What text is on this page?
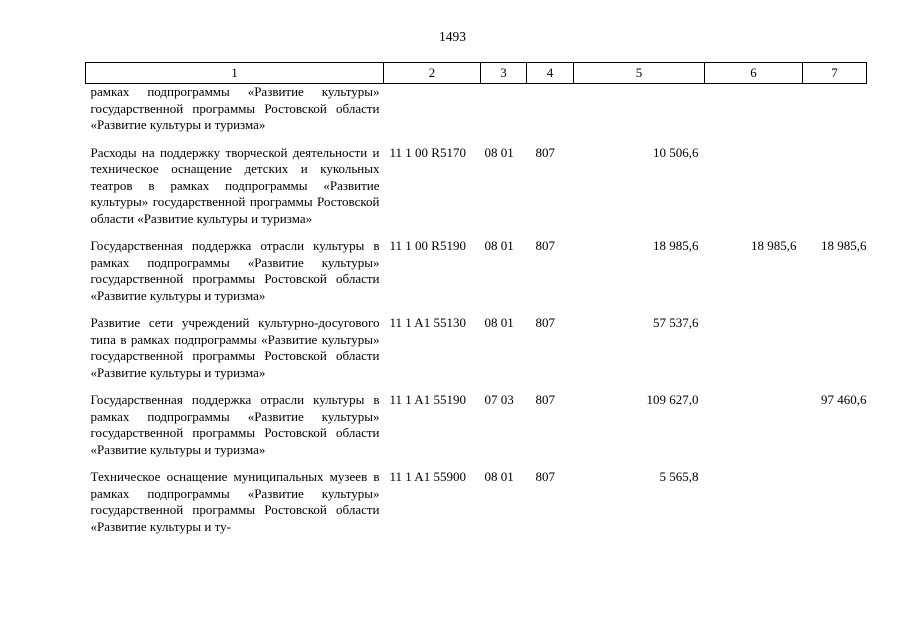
1493
1	2	3	4	5	6	7
рамках подпрограммы «Развитие культуры» государственной программы Ростовской области «Развитие культуры и туризма»						
Расходы на поддержку творческой деятельности и техническое оснащение детских и кукольных театров в рамках подпрограммы «Развитие культуры» государственной программы Ростовской области «Развитие культуры и туризма»	11 1 00 R5170	08 01	807	10 506,6		
Государственная поддержка отрасли культуры в рамках подпрограммы «Развитие культуры» государственной программы Ростовской области «Развитие культуры и туризма»	11 1 00 R5190	08 01	807	18 985,6	18 985,6	18 985,6
Развитие сети учреждений культурно-досугового типа в рамках подпрограммы «Развитие культуры» государственной программы Ростовской области «Развитие культуры и туризма»	11 1 A1 55130	08 01	807	57 537,6		
Государственная поддержка отрасли культуры в рамках подпрограммы «Развитие культуры» государственной программы Ростовской области «Развитие культуры и туризма»	11 1 A1 55190	07 03	807	109 627,0		97 460,6
Техническое оснащение муниципальных музеев в рамках подпрограммы «Развитие культуры» государственной программы Ростовской области «Развитие культуры и ту-	11 1 A1 55900	08 01	807	5 565,8		
